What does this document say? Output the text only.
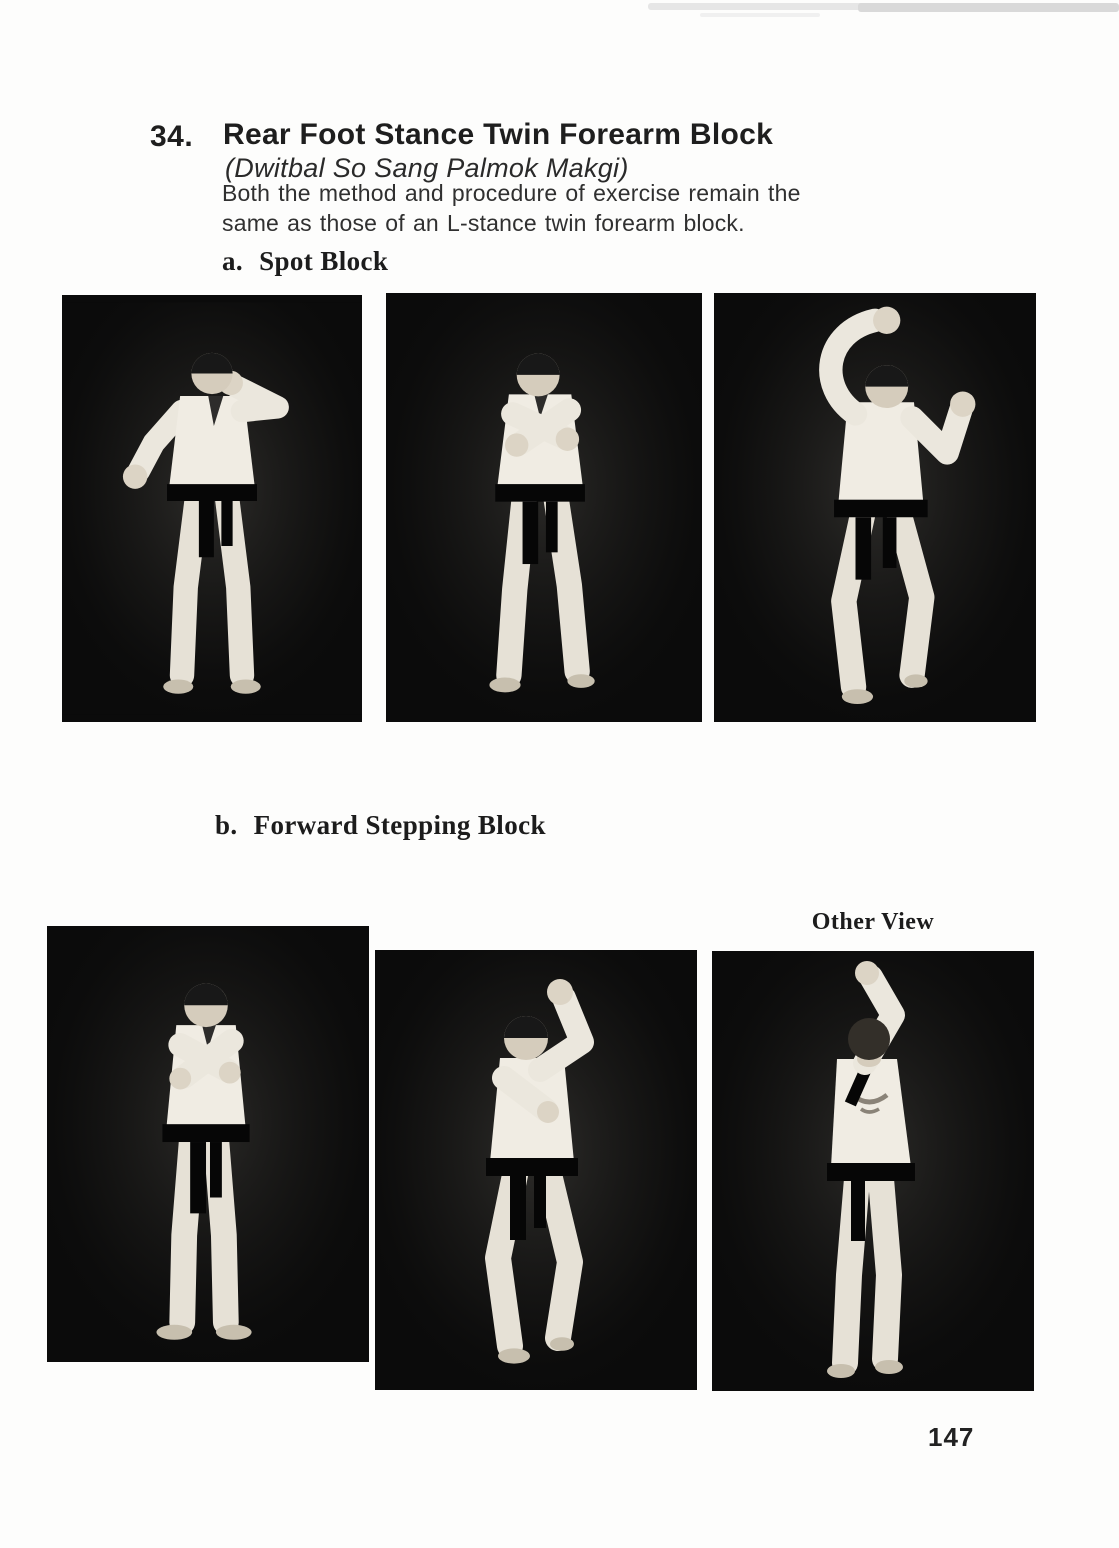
34. Rear Foot Stance Twin Forearm Block
(Dwitbal So Sang Palmok Makgi)
Both the method and procedure of exercise remain the
same as those of an L-stance twin forearm block.
a. Spot Block
b. Forward Stepping Block
Other View
147
